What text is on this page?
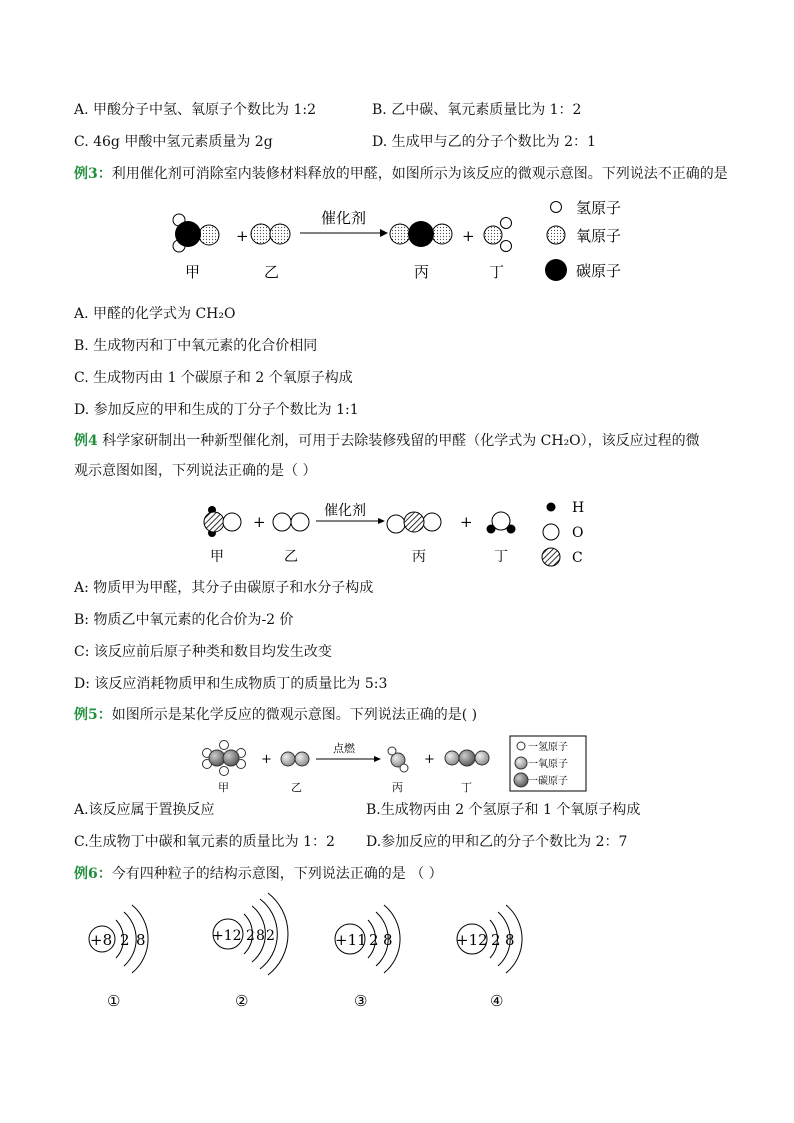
A. 甲酸分子中氢、氧原子个数比为 1:2	B. 乙中碳、氧元素质量比为 1：2
C. 46g 甲酸中氢元素质量为 2g	D. 生成甲与乙的分子个数比为 2：1
例3：利用催化剂可消除室内装修材料释放的甲醛，如图所示为该反应的微观示意图。下列说法不正确的是
+
催化剂
+
甲	乙	丙	丁
氢原子
氧原子
碳原子
A. 甲醛的化学式为 CH₂O
B. 生成物丙和丁中氧元素的化合价相同
C. 生成物丙由 1 个碳原子和 2 个氧原子构成
D. 参加反应的甲和生成的丁分子个数比为 1:1
例4 科学家研制出一种新型催化剂，可用于去除装修残留的甲醛（化学式为 CH₂O），该反应过程的微
观示意图如图，下列说法正确的是（ ）
+
催化剂
+
甲	乙	丙	丁
H
O
C
A: 物质甲为甲醛，其分子由碳原子和水分子构成
B: 物质乙中氧元素的化合价为-2 价
C: 该反应前后原子种类和数目均发生改变
D: 该反应消耗物质甲和生成物质丁的质量比为 5:3
例5：如图所示是某化学反应的微观示意图。下列说法正确的是( )
+
点燃
+
甲	乙	丙	丁
一氢原子
一氧原子
一碳原子
A.该反应属于置换反应	B.生成物丙由 2 个氢原子和 1 个氧原子构成
C.生成物丁中碳和氧元素的质量比为 1：2 D.参加反应的甲和乙的分子个数比为 2：7
例6：今有四种粒子的结构示意图，下列说法正确的是 （ ）
+8 2 8
①
+12 2 8 2
②
+11 2 8
③
+12 2 8
④
